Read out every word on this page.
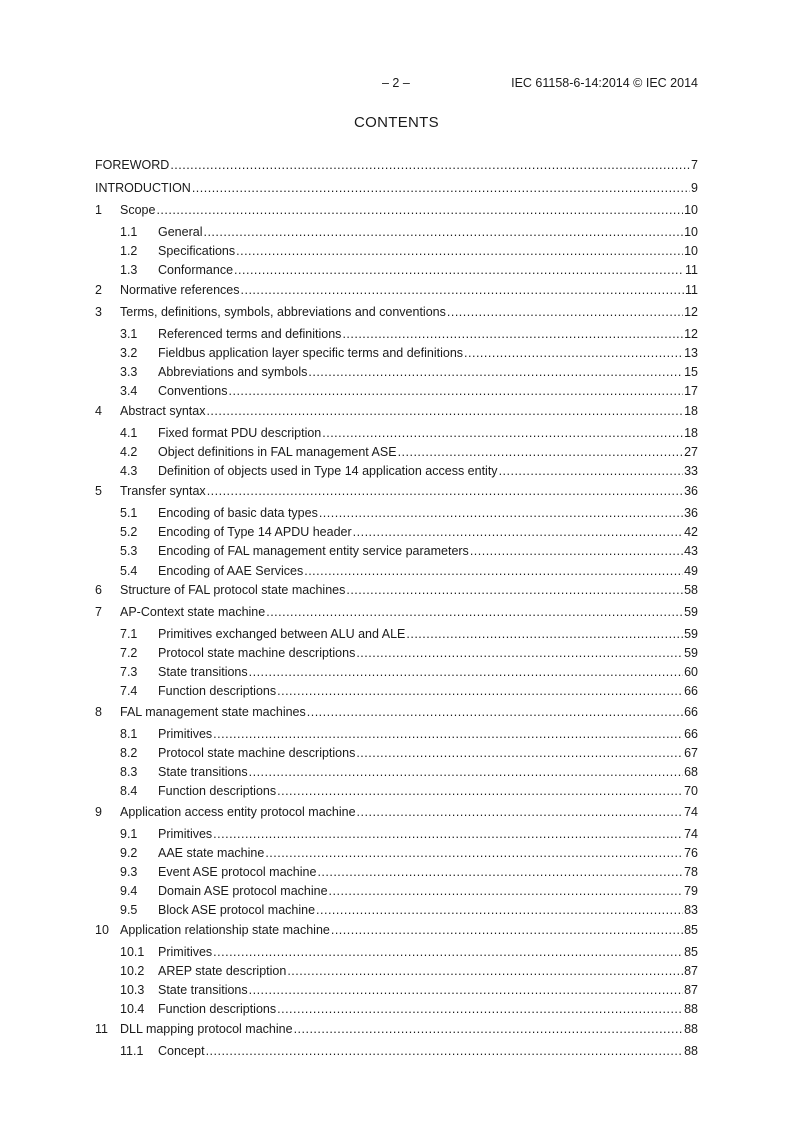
– 2 –	IEC 61158-6-14:2014 © IEC 2014
CONTENTS
FOREWORD .....	7
INTRODUCTION .....	9
1	Scope .....	10
1.1	General .....	10
1.2	Specifications .....	10
1.3	Conformance .....	11
2	Normative references .....	11
3	Terms, definitions, symbols, abbreviations and conventions .....	12
3.1	Referenced terms and definitions .....	12
3.2	Fieldbus application layer specific terms and definitions .....	13
3.3	Abbreviations and symbols .....	15
3.4	Conventions .....	17
4	Abstract syntax .....	18
4.1	Fixed format PDU description .....	18
4.2	Object definitions in FAL management ASE .....	27
4.3	Definition of objects used in Type 14 application access entity .....	33
5	Transfer syntax .....	36
5.1	Encoding of basic data types .....	36
5.2	Encoding of Type 14 APDU header .....	42
5.3	Encoding of FAL management entity service parameters .....	43
5.4	Encoding of AAE Services .....	49
6	Structure of FAL protocol state machines .....	58
7	AP-Context state machine .....	59
7.1	Primitives exchanged between ALU and ALE .....	59
7.2	Protocol state machine descriptions .....	59
7.3	State transitions .....	60
7.4	Function descriptions .....	66
8	FAL management state machines .....	66
8.1	Primitives .....	66
8.2	Protocol state machine descriptions .....	67
8.3	State transitions .....	68
8.4	Function descriptions .....	70
9	Application access entity protocol machine .....	74
9.1	Primitives .....	74
9.2	AAE state machine .....	76
9.3	Event ASE protocol machine .....	78
9.4	Domain ASE protocol machine .....	79
9.5	Block ASE protocol machine .....	83
10 Application relationship state machine .....	85
10.1	Primitives .....	85
10.2	AREP state description .....	87
10.3	State transitions .....	87
10.4	Function descriptions .....	88
11 DLL mapping protocol machine .....	88
11.1	Concept .....	88
